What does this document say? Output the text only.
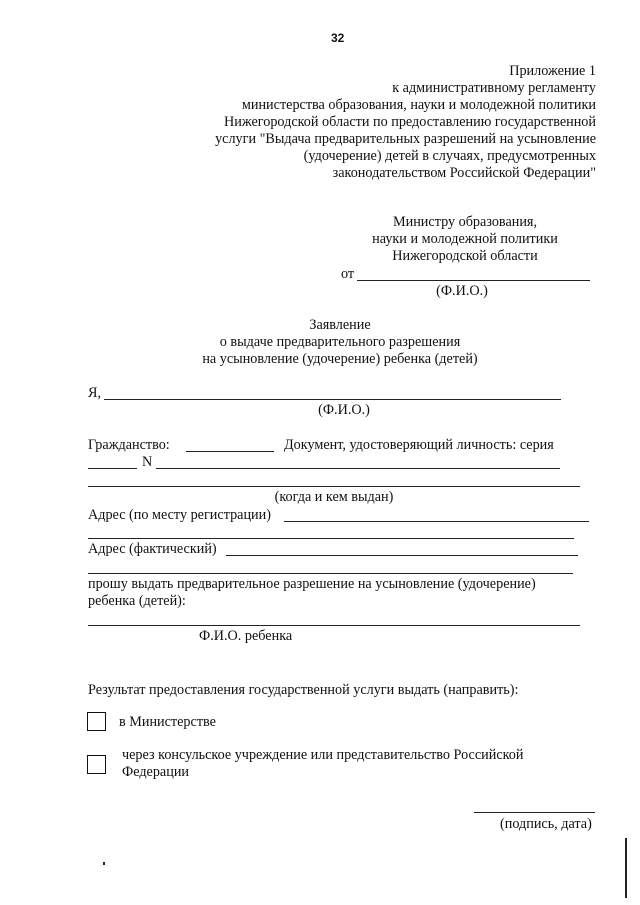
32
Приложение 1
к административному регламенту
министерства образования, науки и молодежной политики
Нижегородской области по предоставлению государственной
услуги "Выдача предварительных разрешений на усыновление
(удочерение) детей в случаях, предусмотренных
законодательством Российской Федерации"
Министру образования,
науки и молодежной политики
Нижегородской области
от
(Ф.И.О.)
Заявление
о выдаче предварительного разрешения
на усыновление (удочерение) ребенка (детей)
Я,
(Ф.И.О.)
Гражданство:	Документ, удостоверяющий личность: серия
N
(когда и кем выдан)
Адрес (по месту регистрации)
Адрес (фактический)
прошу выдать предварительное разрешение на усыновление (удочерение)
ребенка (детей):
Ф.И.О. ребенка
Результат предоставления государственной услуги выдать (направить):
в Министерстве
через консульское учреждение или представительство Российской
Федерации
(подпись, дата)
